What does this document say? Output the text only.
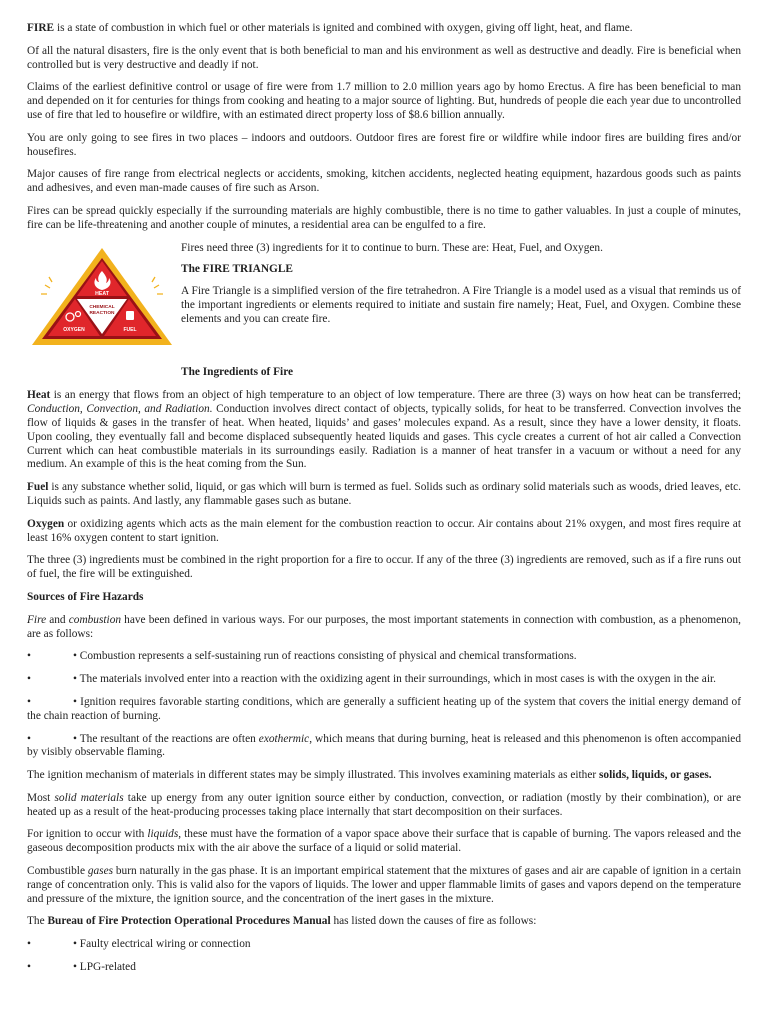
FIRE is a state of combustion in which fuel or other materials is ignited and combined with oxygen, giving off light, heat, and flame.

Of all the natural disasters, fire is the only event that is both beneficial to man and his environment as well as destructive and deadly. Fire is beneficial when controlled but is very destructive and deadly if not.

Claims of the earliest definitive control or usage of fire were from 1.7 million to 2.0 million years ago by homo Erectus. A fire has been beneficial to man and depended on it for centuries for things from cooking and heating to a major source of lighting. But, hundreds of people die each year due to uncontrolled use of fire that led to housefire or wildfire, with an estimated direct property loss of $8.6 billion annually.

You are only going to see fires in two places – indoors and outdoors. Outdoor fires are forest fire or wildfire while indoor fires are building fires and/or housefires.

Major causes of fire range from electrical neglects or accidents, smoking, kitchen accidents, neglected heating equipment, hazardous goods such as paints and adhesives, and even man-made causes of fire such as Arson.

Fires can be spread quickly especially if the surrounding materials are highly combustible, there is no time to gather valuables. In just a couple of minutes, fire can be life-threatening and another couple of minutes, a residential area can be engulfed to a fire.

HEAT
CHEMICAL
REACTION
OXYGEN	FUEL

Fires need three (3) ingredients for it to continue to burn. These are: Heat, Fuel, and Oxygen.

The FIRE TRIANGLE

A Fire Triangle is a simplified version of the fire tetrahedron. A Fire Triangle is a model used as a visual that reminds us of the important ingredients or elements required to initiate and sustain fire namely; Heat, Fuel, and Oxygen. Combine these elements and you can create fire.

The Ingredients of Fire

Heat is an energy that flows from an object of high temperature to an object of low temperature. There are three (3) ways on how heat can be transferred; Conduction, Convection, and Radiation. Conduction involves direct contact of objects, typically solids, for heat to be transferred. Convection involves the flow of liquids & gases in the transfer of heat. When heated, liquids’ and gases’ molecules expand. As a result, since they have a lower density, it floats. Upon cooling, they eventually fall and become displaced subsequently heated liquids and gases. This cycle creates a current of hot air called a Convection Current which can heat combustible materials in its surroundings easily. Radiation is a manner of heat transfer in a vacuum or without a need for any medium. An example of this is the heat coming from the Sun.

Fuel is any substance whether solid, liquid, or gas which will burn is termed as fuel. Solids such as ordinary solid materials such as woods, dried leaves, etc. Liquids such as paints. And lastly, any flammable gases such as butane.

Oxygen or oxidizing agents which acts as the main element for the combustion reaction to occur. Air contains about 21% oxygen, and most fires require at least 16% oxygen content to start ignition.

The three (3) ingredients must be combined in the right proportion for a fire to occur. If any of the three (3) ingredients are removed, such as if a fire runs out of fuel, the fire will be extinguished.

Sources of Fire Hazards

Fire and combustion have been defined in various ways. For our purposes, the most important statements in connection with combustion, as a phenomenon, are as follows:

•	• Combustion represents a self-sustaining run of reactions consisting of physical and chemical transformations.

•	• The materials involved enter into a reaction with the oxidizing agent in their surroundings, which in most cases is with the oxygen in the air.

•	• Ignition requires favorable starting conditions, which are generally a sufficient heating up of the system that covers the initial energy demand of the chain reaction of burning.

•	• The resultant of the reactions are often exothermic, which means that during burning, heat is released and this phenomenon is often accompanied by visibly observable flaming.

The ignition mechanism of materials in different states may be simply illustrated. This involves examining materials as either solids, liquids, or gases.

Most solid materials take up energy from any outer ignition source either by conduction, convection, or radiation (mostly by their combination), or are heated up as a result of the heat-producing processes taking place internally that start decomposition on their surfaces.

For ignition to occur with liquids, these must have the formation of a vapor space above their surface that is capable of burning. The vapors released and the gaseous decomposition products mix with the air above the surface of a liquid or solid material.

Combustible gases burn naturally in the gas phase. It is an important empirical statement that the mixtures of gases and air are capable of ignition in a certain range of concentration only. This is valid also for the vapors of liquids. The lower and upper flammable limits of gases and vapors depend on the temperature and pressure of the mixture, the ignition source, and the concentration of the inert gases in the mixture.

The Bureau of Fire Protection Operational Procedures Manual has listed down the causes of fire as follows:

•	• Faulty electrical wiring or connection

•	• LPG-related
